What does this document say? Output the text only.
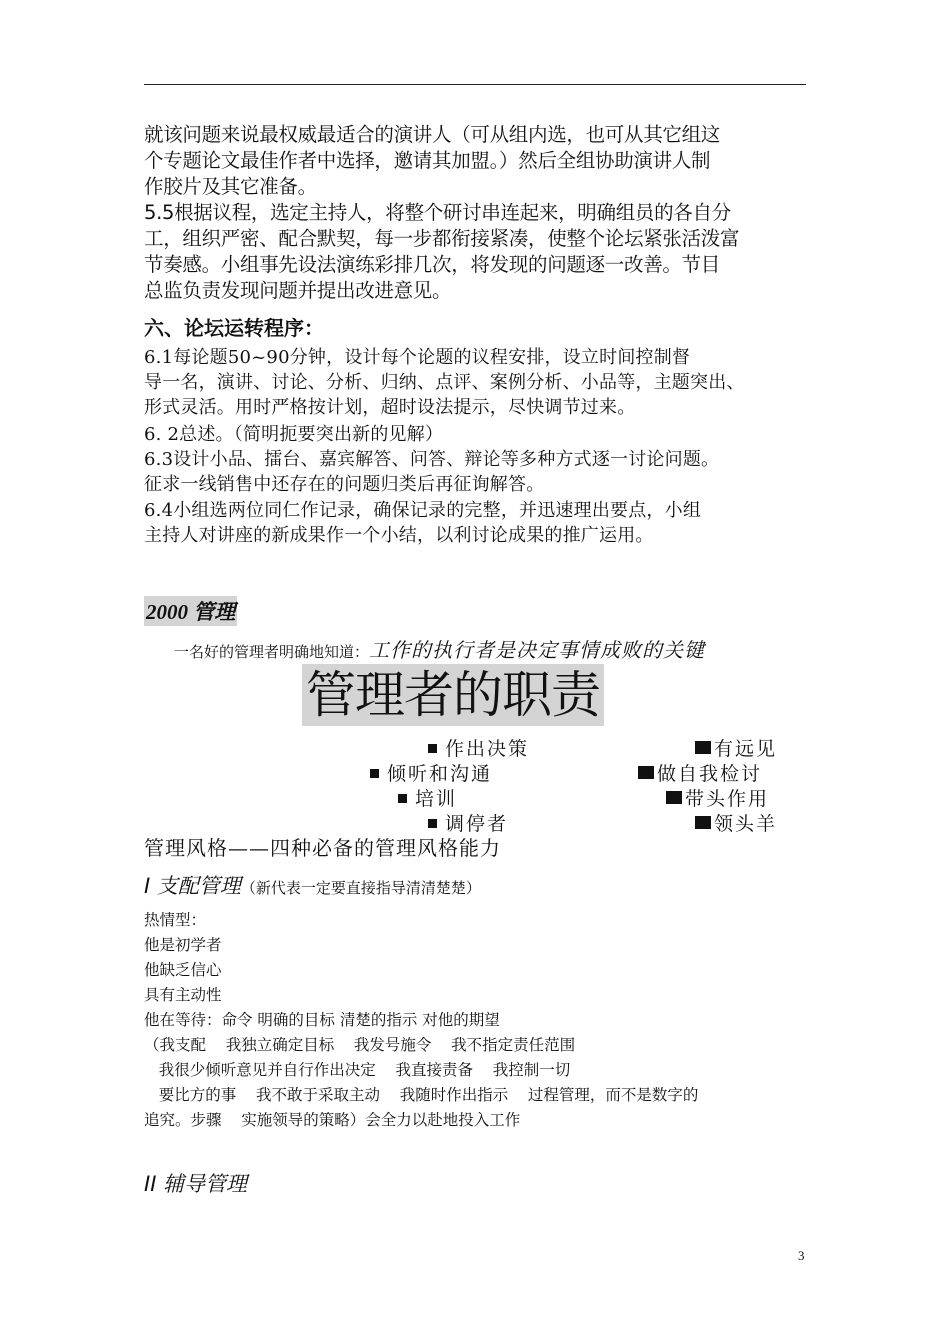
就该问题来说最权威最适合的演讲人（可从组内选，也可从其它组这
个专题论文最佳作者中选择，邀请其加盟。）然后全组协助演讲人制
作胶片及其它准备。
5.5根据议程，选定主持人，将整个研讨串连起来，明确组员的各自分
工，组织严密、配合默契，每一步都衔接紧凑，使整个论坛紧张活泼富
节奏感。小组事先设法演练彩排几次，将发现的问题逐一改善。节目
总监负责发现问题并提出改进意见。
六、论坛运转程序：
6.1每论题50~90分钟，设计每个论题的议程安排，设立时间控制督
导一名，演讲、讨论、分析、归纳、点评、案例分析、小品等，主题突出、
形式灵活。用时严格按计划，超时设法提示，尽快调节过来。
6. 2总述。（简明扼要突出新的见解）
6.3设计小品、擂台、嘉宾解答、问答、辩论等多种方式逐一讨论问题。
征求一线销售中还存在的问题归类后再征询解答。
6.4小组选两位同仁作记录，确保记录的完整，并迅速理出要点，小组
主持人对讲座的新成果作一个小结，以利讨论成果的推广运用。
2000 管理
一名好的管理者明确地知道：工作的执行者是决定事情成败的关键
管理者的职责
作出决策
倾听和沟通
培训
调停者
有远见
做自我检讨
带头作用
领头羊
管理风格——四种必备的管理风格能力
I 支配管理（新代表一定要直接指导清清楚楚）
热情型：
他是初学者
他缺乏信心
具有主动性
他在等待：命令 明确的目标 清楚的指示 对他的期望
（我支配    我独立确定目标    我发号施令    我不指定责任范围
我很少倾听意见并自行作出决定    我直接责备    我控制一切
要比方的事    我不敢于采取主动    我随时作出指示    过程管理，而不是数字的
追究。步骤    实施领导的策略）会全力以赴地投入工作
II 辅导管理
3
